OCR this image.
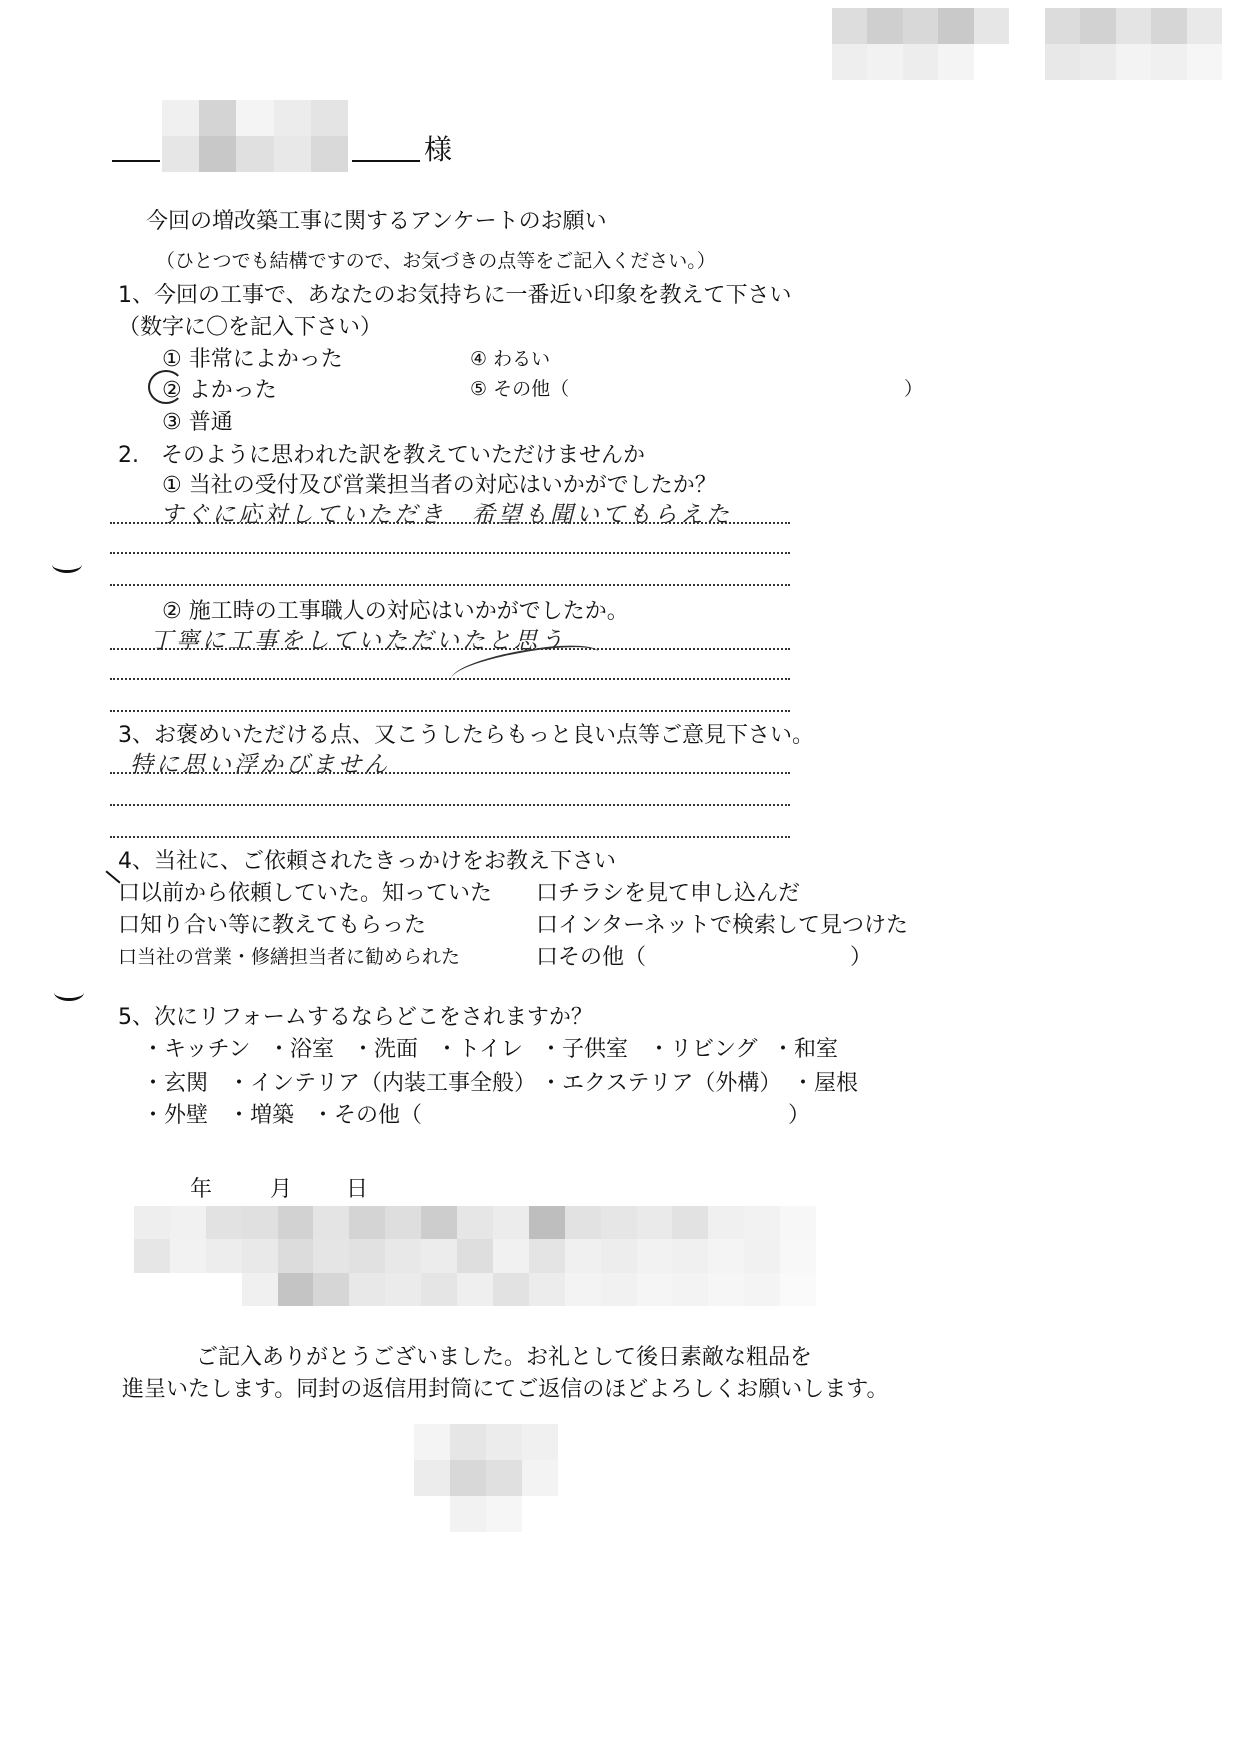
様
今回の増改築工事に関するアンケートのお願い
（ひとつでも結構ですので、お気づきの点等をご記入ください。）
1、今回の工事で、あなたのお気持ちに一番近い印象を教えて下さい
（数字に〇を記入下さい）
① 非常によかった
② よかった
③ 普通
④ わるい
⑤ その他（	）
2.　そのように思われた訳を教えていただけませんか
① 当社の受付及び営業担当者の対応はいかがでしたか？
すぐに応対していただき　希望も聞いてもらえた
② 施工時の工事職人の対応はいかがでしたか。
丁寧に工事をしていただいたと思う
3、お褒めいただける点、又こうしたらもっと良い点等ご意見下さい。
特に思い浮かびません
4、当社に、ご依頼されたきっかけをお教え下さい
口以前から依頼していた。知っていた 口チラシを見て申し込んだ
口知り合い等に教えてもらった	口インターネットで検索して見つけた
口当社の営業・修繕担当者に勧められた	口その他（	）
5、次にリフォームするならどこをされますか？
・キッチン ・浴室 ・洗面 ・トイレ ・子供室 ・リビング ・和室
・玄関 ・インテリア（内装工事全般） ・エクステリア（外構） ・屋根
・外壁 ・増築 ・その他（	）
年	月 日
ご記入ありがとうございました。お礼として後日素敵な粗品を
進呈いたします。同封の返信用封筒にてご返信のほどよろしくお願いします。
